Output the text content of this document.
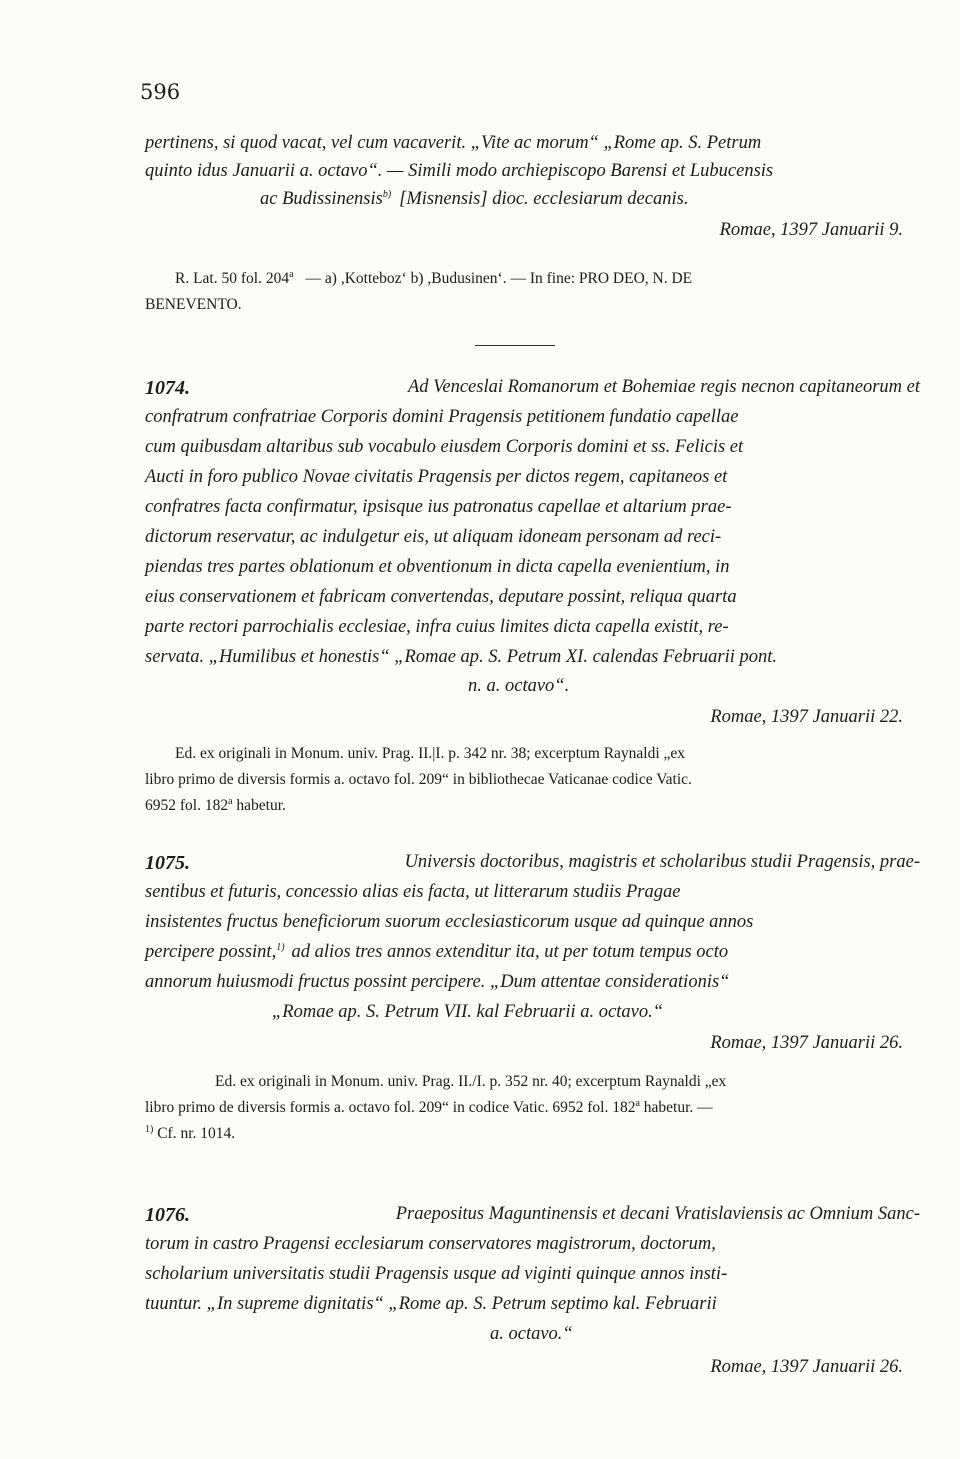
596
pertinens, si quod vacat, vel cum vacaverit. „Vite ac morum“ „Rome ap. S. Petrum
quinto idus Januarii a. octavo“. — Simili modo archiepiscopo Barensi et Lubucensis
ac Budissinensis$^{b)}$ [Misnensis] dioc. ecclesiarum decanis.
Romae, 1397 Januarii 9.
R. Lat. 50 fol. 204$^a$ — a) ,Kotteboz‘ b) ,Budusinen‘. — In fine: PRO DEO, N. DE
BENEVENTO.
1074.	Ad Venceslai Romanorum et Bohemiae regis necnon capitaneorum et
confratrum confratriae Corporis domini Pragensis petitionem fundatio capellae
cum quibusdam altaribus sub vocabulo eiusdem Corporis domini et ss. Felicis et
Aucti in foro publico Novae civitatis Pragensis per dictos regem, capitaneos et
confratres facta confirmatur, ipsisque ius patronatus capellae et altarium prae-
dictorum reservatur, ac indulgetur eis, ut aliquam idoneam personam ad reci-
piendas tres partes oblationum et obventionum in dicta capella evenientium, in
eius conservationem et fabricam convertendas, deputare possint, reliqua quarta
parte rectori parrochialis ecclesiae, infra cuius limites dicta capella existit, re-
servata. „Humilibus et honestis“ „Romae ap. S. Petrum XI. calendas Februarii pont.
n. a. octavo“.
Romae, 1397 Januarii 22.
Ed. ex originali in Monum. univ. Prag. II.|I. p. 342 nr. 38; excerptum Raynaldi „ex
libro primo de diversis formis a. octavo fol. 209“ in bibliothecae Vaticanae codice Vatic.
6952 fol. 182$^a$ habetur.
1075.	Universis doctoribus, magistris et scholaribus studii Pragensis, prae-
sentibus et futuris, concessio alias eis facta, ut litterarum studiis Pragae
insistentes fructus beneficiorum suorum ecclesiasticorum usque ad quinque annos
percipere possint,$^{1)}$ ad alios tres annos extenditur ita, ut per totum tempus octo
annorum huiusmodi fructus possint percipere. „Dum attentae considerationis“
„Romae ap. S. Petrum VII. kal Februarii a. octavo.“
Romae, 1397 Januarii 26.
Ed. ex originali in Monum. univ. Prag. II./I. p. 352 nr. 40; excerptum Raynaldi „ex
libro primo de diversis formis a. octavo fol. 209“ in codice Vatic. 6952 fol. 182$^a$ habetur. —
$^{1)}$ Cf. nr. 1014.
1076.	Praepositus Maguntinensis et decani Vratislaviensis ac Omnium Sanc-
torum in castro Pragensi ecclesiarum conservatores magistrorum, doctorum,
scholarium universitatis studii Pragensis usque ad viginti quinque annos insti-
tuuntur. „In supreme dignitatis“ „Rome ap. S. Petrum septimo kal. Februarii
a. octavo.“
Romae, 1397 Januarii 26.
